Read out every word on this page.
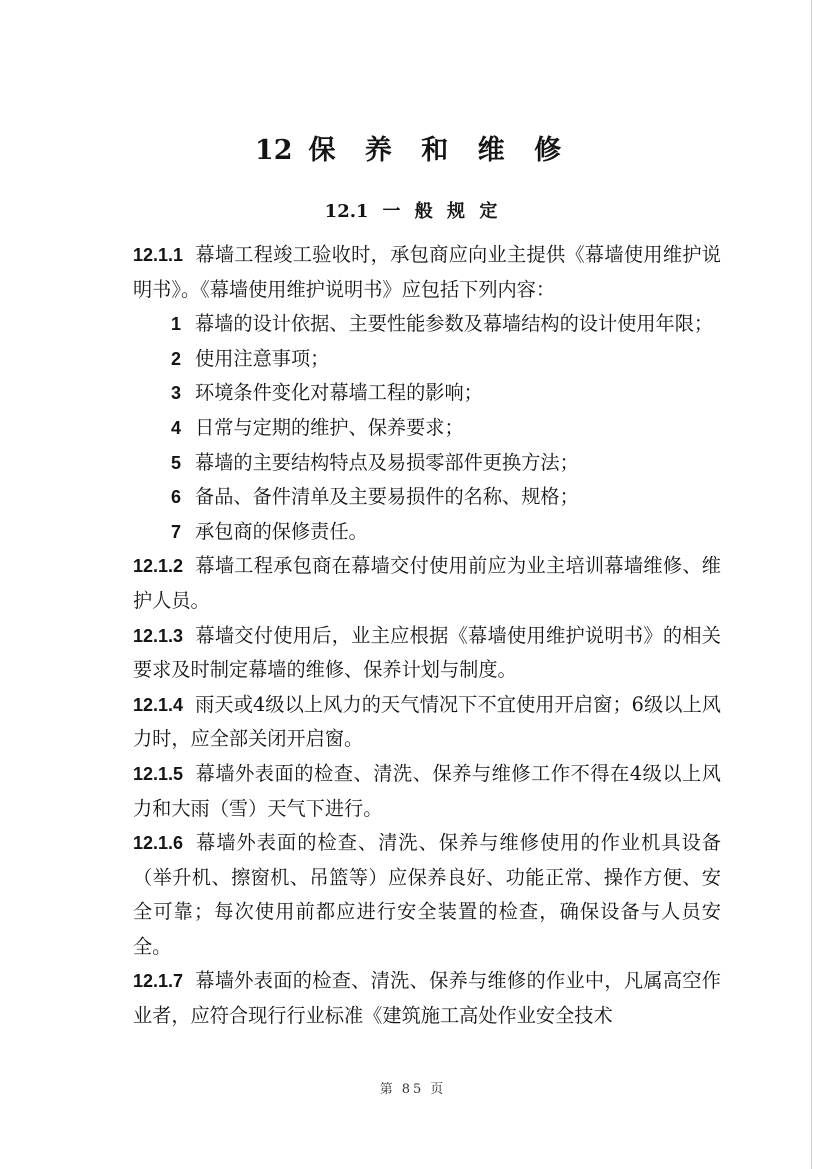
12 保 养 和 维 修
12.1 一 般 规 定

12.1.1 幕墙工程竣工验收时，承包商应向业主提供《幕墙使用维护说明书》。《幕墙使用维护说明书》应包括下列内容：

1 幕墙的设计依据、主要性能参数及幕墙结构的设计使用年限；

2 使用注意事项；

3 环境条件变化对幕墙工程的影响；

4 日常与定期的维护、保养要求；

5 幕墙的主要结构特点及易损零部件更换方法；

6 备品、备件清单及主要易损件的名称、规格；

7 承包商的保修责任。

12.1.2 幕墙工程承包商在幕墙交付使用前应为业主培训幕墙维修、维护人员。

12.1.3 幕墙交付使用后，业主应根据《幕墙使用维护说明书》的相关要求及时制定幕墙的维修、保养计划与制度。

12.1.4 雨天或4级以上风力的天气情况下不宜使用开启窗；6级以上风力时，应全部关闭开启窗。

12.1.5 幕墙外表面的检查、清洗、保养与维修工作不得在4级以上风力和大雨（雪）天气下进行。

12.1.6 幕墙外表面的检查、清洗、保养与维修使用的作业机具设备（举升机、擦窗机、吊篮等）应保养良好、功能正常、操作方便、安全可靠；每次使用前都应进行安全装置的检查，确保设备与人员安全。

12.1.7 幕墙外表面的检查、清洗、保养与维修的作业中，凡属高空作业者，应符合现行行业标准《建筑施工高处作业安全技术

第 85 页
